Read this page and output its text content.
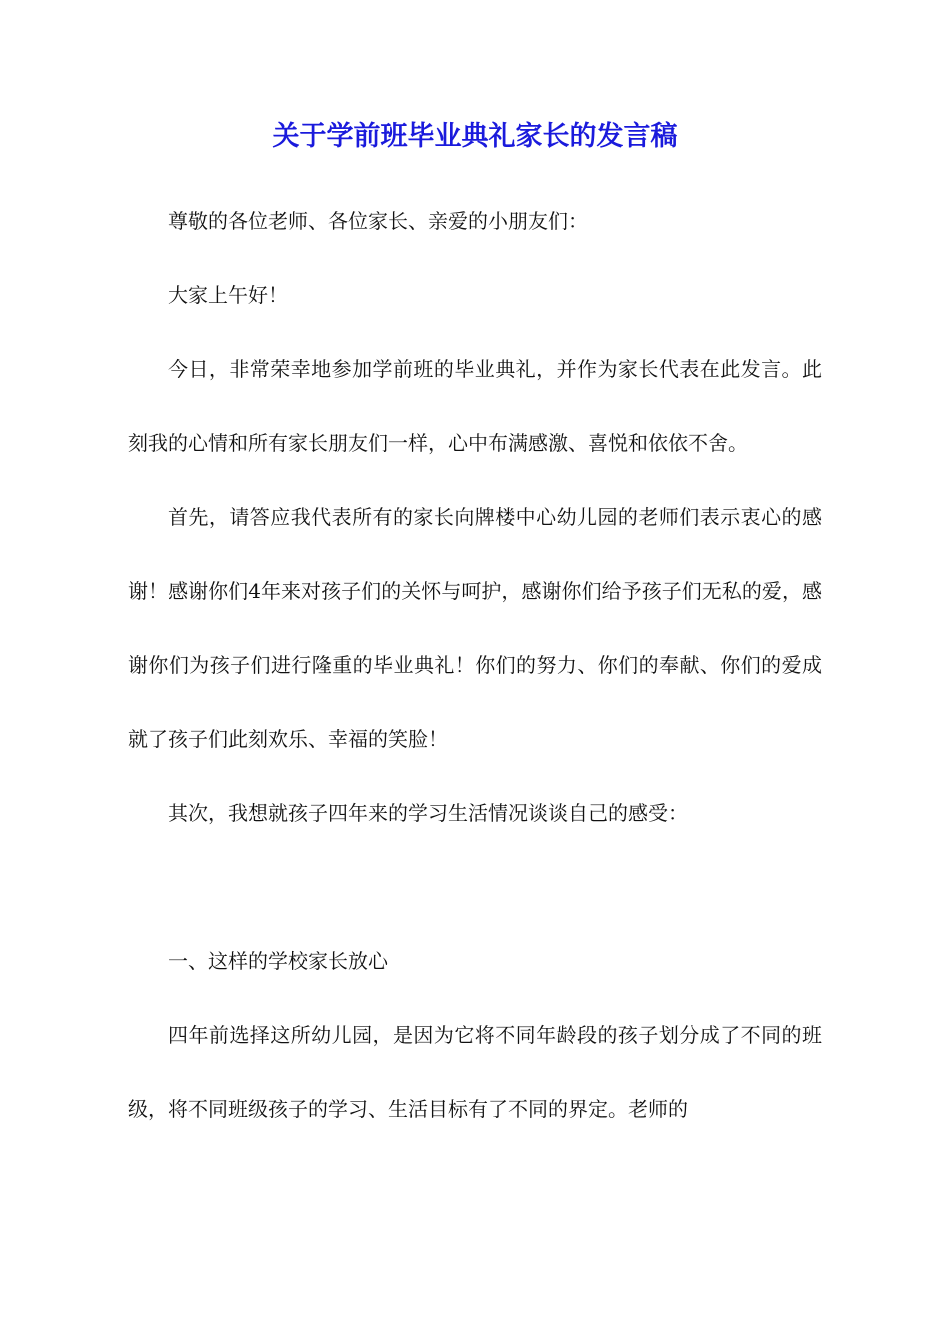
关于学前班毕业典礼家长的发言稿

尊敬的各位老师、各位家长、亲爱的小朋友们：

大家上午好！

今日，非常荣幸地参加学前班的毕业典礼，并作为家长代表在此发言。此刻我的心情和所有家长朋友们一样，心中布满感激、喜悦和依依不舍。

首先，请答应我代表所有的家长向牌楼中心幼儿园的老师们表示衷心的感谢！感谢你们4年来对孩子们的关怀与呵护，感谢你们给予孩子们无私的爱，感谢你们为孩子们进行隆重的毕业典礼！你们的努力、你们的奉献、你们的爱成就了孩子们此刻欢乐、幸福的笑脸！

其次，我想就孩子四年来的学习生活情况谈谈自己的感受：

一、这样的学校家长放心

四年前选择这所幼儿园，是因为它将不同年龄段的孩子划分成了不同的班级，将不同班级孩子的学习、生活目标有了不同的界定。老师的
